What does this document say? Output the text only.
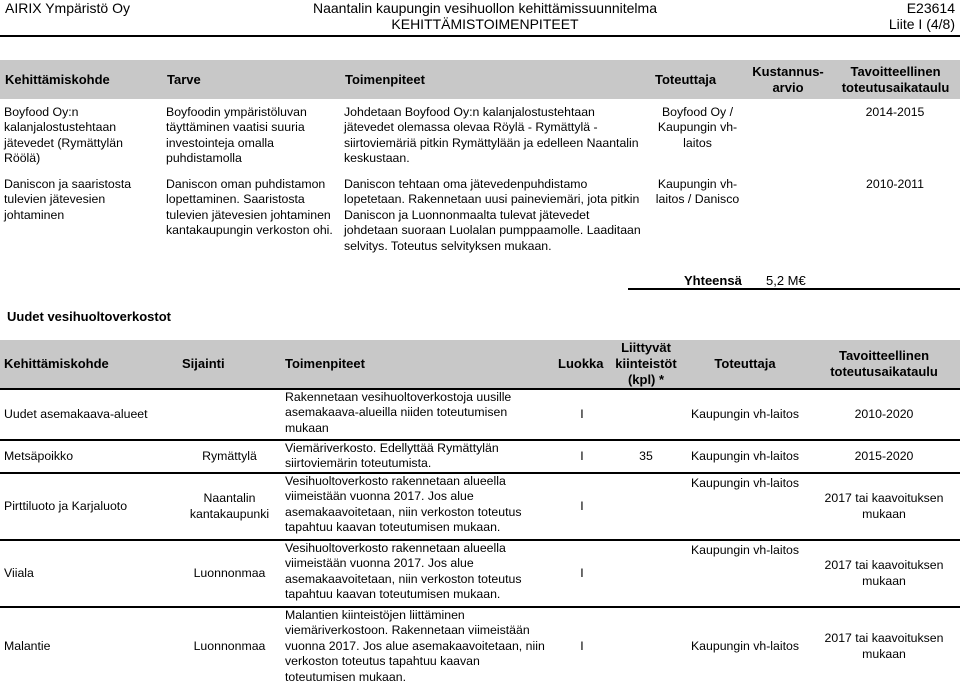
AIRIX Ympäristö Oy	Naantalin kaupungin vesihuollon kehittämissuunnitelma
KEHITTÄMISTOIMENPITEET
E23614
Liite I (4/8)
Kehittämiskohde	Tarve	Toimenpiteet	Toteuttaja	Kustannus-arvio	Tavoitteellinen toteutusaikataulu
Boyfood Oy:n kalanjalostustehtaan jätevedet (Rymättylän Röölä)	Boyfoodin ympäristöluvan täyttäminen vaatisi suuria investointeja omalla puhdistamolla	Johdetaan Boyfood Oy:n kalanjalostustehtaan jätevedet olemassa olevaa Röylä - Rymättylä - siirtoviemäriä pitkin Rymättylään ja edelleen Naantalin keskustaan.	Boyfood Oy / Kaupungin vh-laitos		2014-2015
Daniscon ja saaristosta tulevien jätevesien johtaminen	Daniscon oman puhdistamon lopettaminen. Saaristosta tulevien jätevesien johtaminen kantakaupungin verkoston ohi.	Daniscon tehtaan oma jätevedenpuhdistamo lopetetaan. Rakennetaan uusi paineviemäri, jota pitkin Daniscon ja Luonnonmaalta tulevat jätevedet johdetaan suoraan Luolalan pumppaamolle. Laaditaan selvitys. Toteutus selvityksen mukaan.	Kaupungin vh-laitos / Danisco		2010-2011
Yhteensä 5,2 M€
Uudet vesihuoltoverkostot
Kehittämiskohde	Sijainti	Toimenpiteet	Luokka	Liittyvät kiinteistöt (kpl) *	Toteuttaja	Tavoitteellinen toteutusaikataulu
Uudet asemakaava-alueet		Rakennetaan vesihuoltoverkostoja uusille asemakaava-alueilla niiden toteutumisen mukaan	I		Kaupungin vh-laitos	2010-2020
Metsäpoikko	Rymättylä	Viemäriverkosto. Edellyttää Rymättylän siirtoviemärin toteutumista.	I	35	Kaupungin vh-laitos	2015-2020
Pirttiluoto ja Karjaluoto	Naantalin kantakaupunki	Vesihuoltoverkosto rakennetaan alueella viimeistään vuonna 2017. Jos alue asemakaavoitetaan, niin verkoston toteutus tapahtuu kaavan toteutumisen mukaan.	I		Kaupungin vh-laitos	2017 tai kaavoituksen mukaan
Viiala	Luonnonmaa	Vesihuoltoverkosto rakennetaan alueella viimeistään vuonna 2017. Jos alue asemakaavoitetaan, niin verkoston toteutus tapahtuu kaavan toteutumisen mukaan.	I		Kaupungin vh-laitos	2017 tai kaavoituksen mukaan
Malantie	Luonnonmaa	Malantien kiinteistöjen liittäminen viemäriverkostoon. Rakennetaan viimeistään vuonna 2017. Jos alue asemakaavoitetaan, niin verkoston toteutus tapahtuu kaavan toteutumisen mukaan.	I		Kaupungin vh-laitos	2017 tai kaavoituksen mukaan
